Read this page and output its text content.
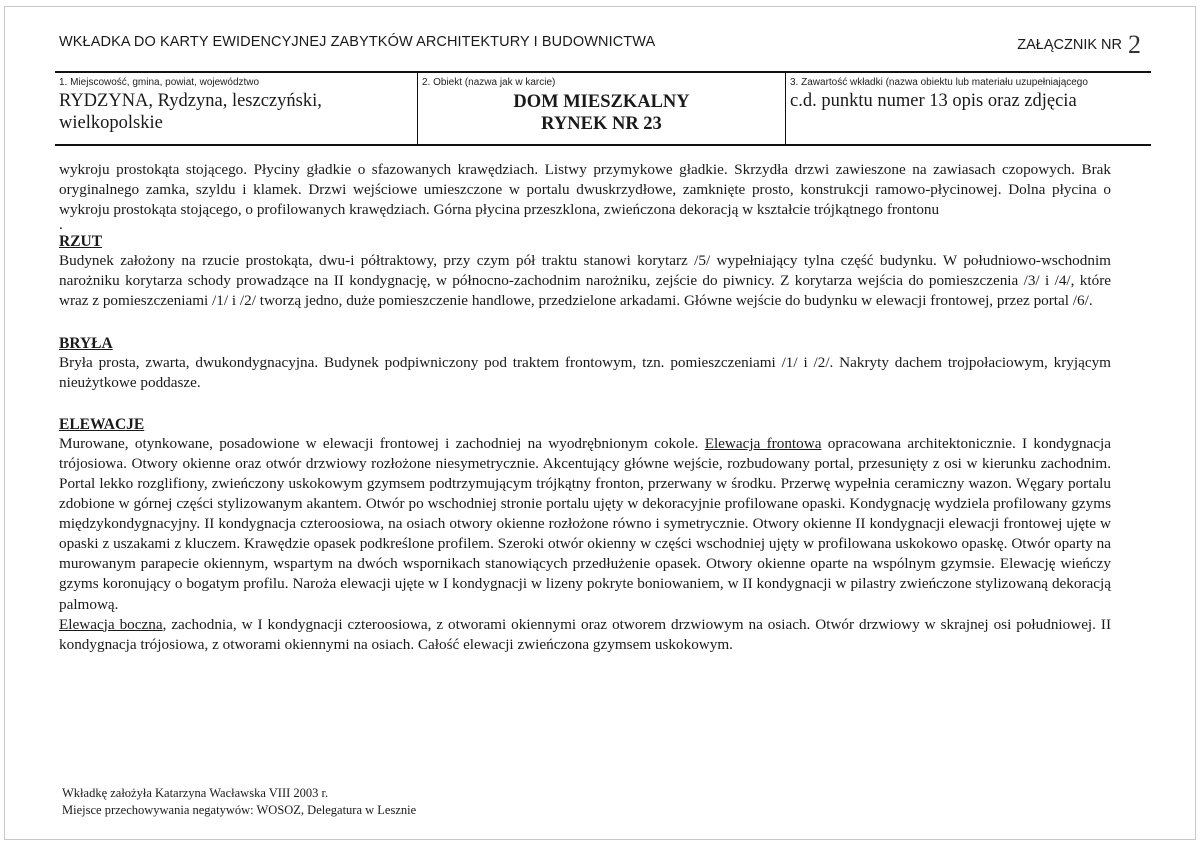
WKŁADKA DO KARTY EWIDENCYJNEJ ZABYTKÓW ARCHITEKTURY I BUDOWNICTWA	ZAŁĄCZNIK NR 2
1. Miejscowość, gmina, powiat, województwo
RYDZYNA, Rydzyna, leszczyński, wielkopolskie
2. Obiekt (nazwa jak w karcie)
DOM MIESZKALNY
RYNEK NR 23
3. Zawartość wkładki (nazwa obiektu lub materiału uzupełniającego
c.d. punktu numer 13 opis oraz zdjęcia

wykroju prostokąta stojącego. Płyciny gładkie o sfazowanych krawędziach. Listwy przymykowe gładkie. Skrzydła drzwi zawieszone na zawiasach czopowych. Brak oryginalnego zamka, szyldu i klamek. Drzwi wejściowe umieszczone w portalu dwuskrzydłowe, zamknięte prosto, konstrukcji ramowo-płycinowej. Dolna płycina o wykroju prostokąta stojącego, o profilowanych krawędziach. Górna płycina przeszklona, zwieńczona dekoracją w kształcie trójkątnego frontonu

.

RZUT

Budynek założony na rzucie prostokąta, dwu-i półtraktowy, przy czym pół traktu stanowi korytarz /5/ wypełniający tylna część budynku. W południowo-wschodnim narożniku korytarza schody prowadzące na II kondygnację, w północno-zachodnim narożniku, zejście do piwnicy. Z korytarza wejścia do pomieszczenia /3/ i /4/, które wraz z pomieszczeniami /1/ i /2/ tworzą jedno, duże pomieszczenie handlowe, przedzielone arkadami. Główne wejście do budynku w elewacji frontowej, przez portal /6/.

BRYŁA

Bryła prosta, zwarta, dwukondygnacyjna. Budynek podpiwniczony pod traktem frontowym, tzn. pomieszczeniami /1/ i /2/. Nakryty dachem trojpołaciowym, kryjącym nieużytkowe poddasze.

ELEWACJE

Murowane, otynkowane, posadowione w elewacji frontowej i zachodniej na wyodrębnionym cokole. Elewacja frontowa opracowana architektonicznie. I kondygnacja trójosiowa. Otwory okienne oraz otwór drzwiowy rozłożone niesymetrycznie. Akcentujący główne wejście, rozbudowany portal, przesunięty z osi w kierunku zachodnim. Portal lekko rozglifiony, zwieńczony uskokowym gzymsem podtrzymującym trójkątny fronton, przerwany w środku. Przerwę wypełnia ceramiczny wazon. Węgary portalu zdobione w górnej części stylizowanym akantem. Otwór po wschodniej stronie portalu ujęty w dekoracyjnie profilowane opaski. Kondygnację wydziela profilowany gzyms międzykondygnacyjny. II kondygnacja czteroosiowa, na osiach otwory okienne rozłożone równo i symetrycznie. Otwory okienne II kondygnacji elewacji frontowej ujęte w opaski z uszakami z kluczem. Krawędzie opasek podkreślone profilem. Szeroki otwór okienny w części wschodniej ujęty w profilowana uskokowo opaskę. Otwór oparty na murowanym parapecie okiennym, wspartym na dwóch wspornikach stanowiących przedłużenie opasek. Otwory okienne oparte na wspólnym gzymsie. Elewację wieńczy gzyms koronujący o bogatym profilu. Naroża elewacji ujęte w I kondygnacji w lizeny pokryte boniowaniem, w II kondygnacji w pilastry zwieńczone stylizowaną dekoracją palmową.

Elewacja boczna, zachodnia, w I kondygnacji czteroosiowa, z otworami okiennymi oraz otworem drzwiowym na osiach. Otwór drzwiowy w skrajnej osi południowej. II kondygnacja trójosiowa, z otworami okiennymi na osiach. Całość elewacji zwieńczona gzymsem uskokowym.

Wkładkę założyła Katarzyna Wacławska VIII 2003 r.
Miejsce przechowywania negatywów: WOSOZ, Delegatura w Lesznie
